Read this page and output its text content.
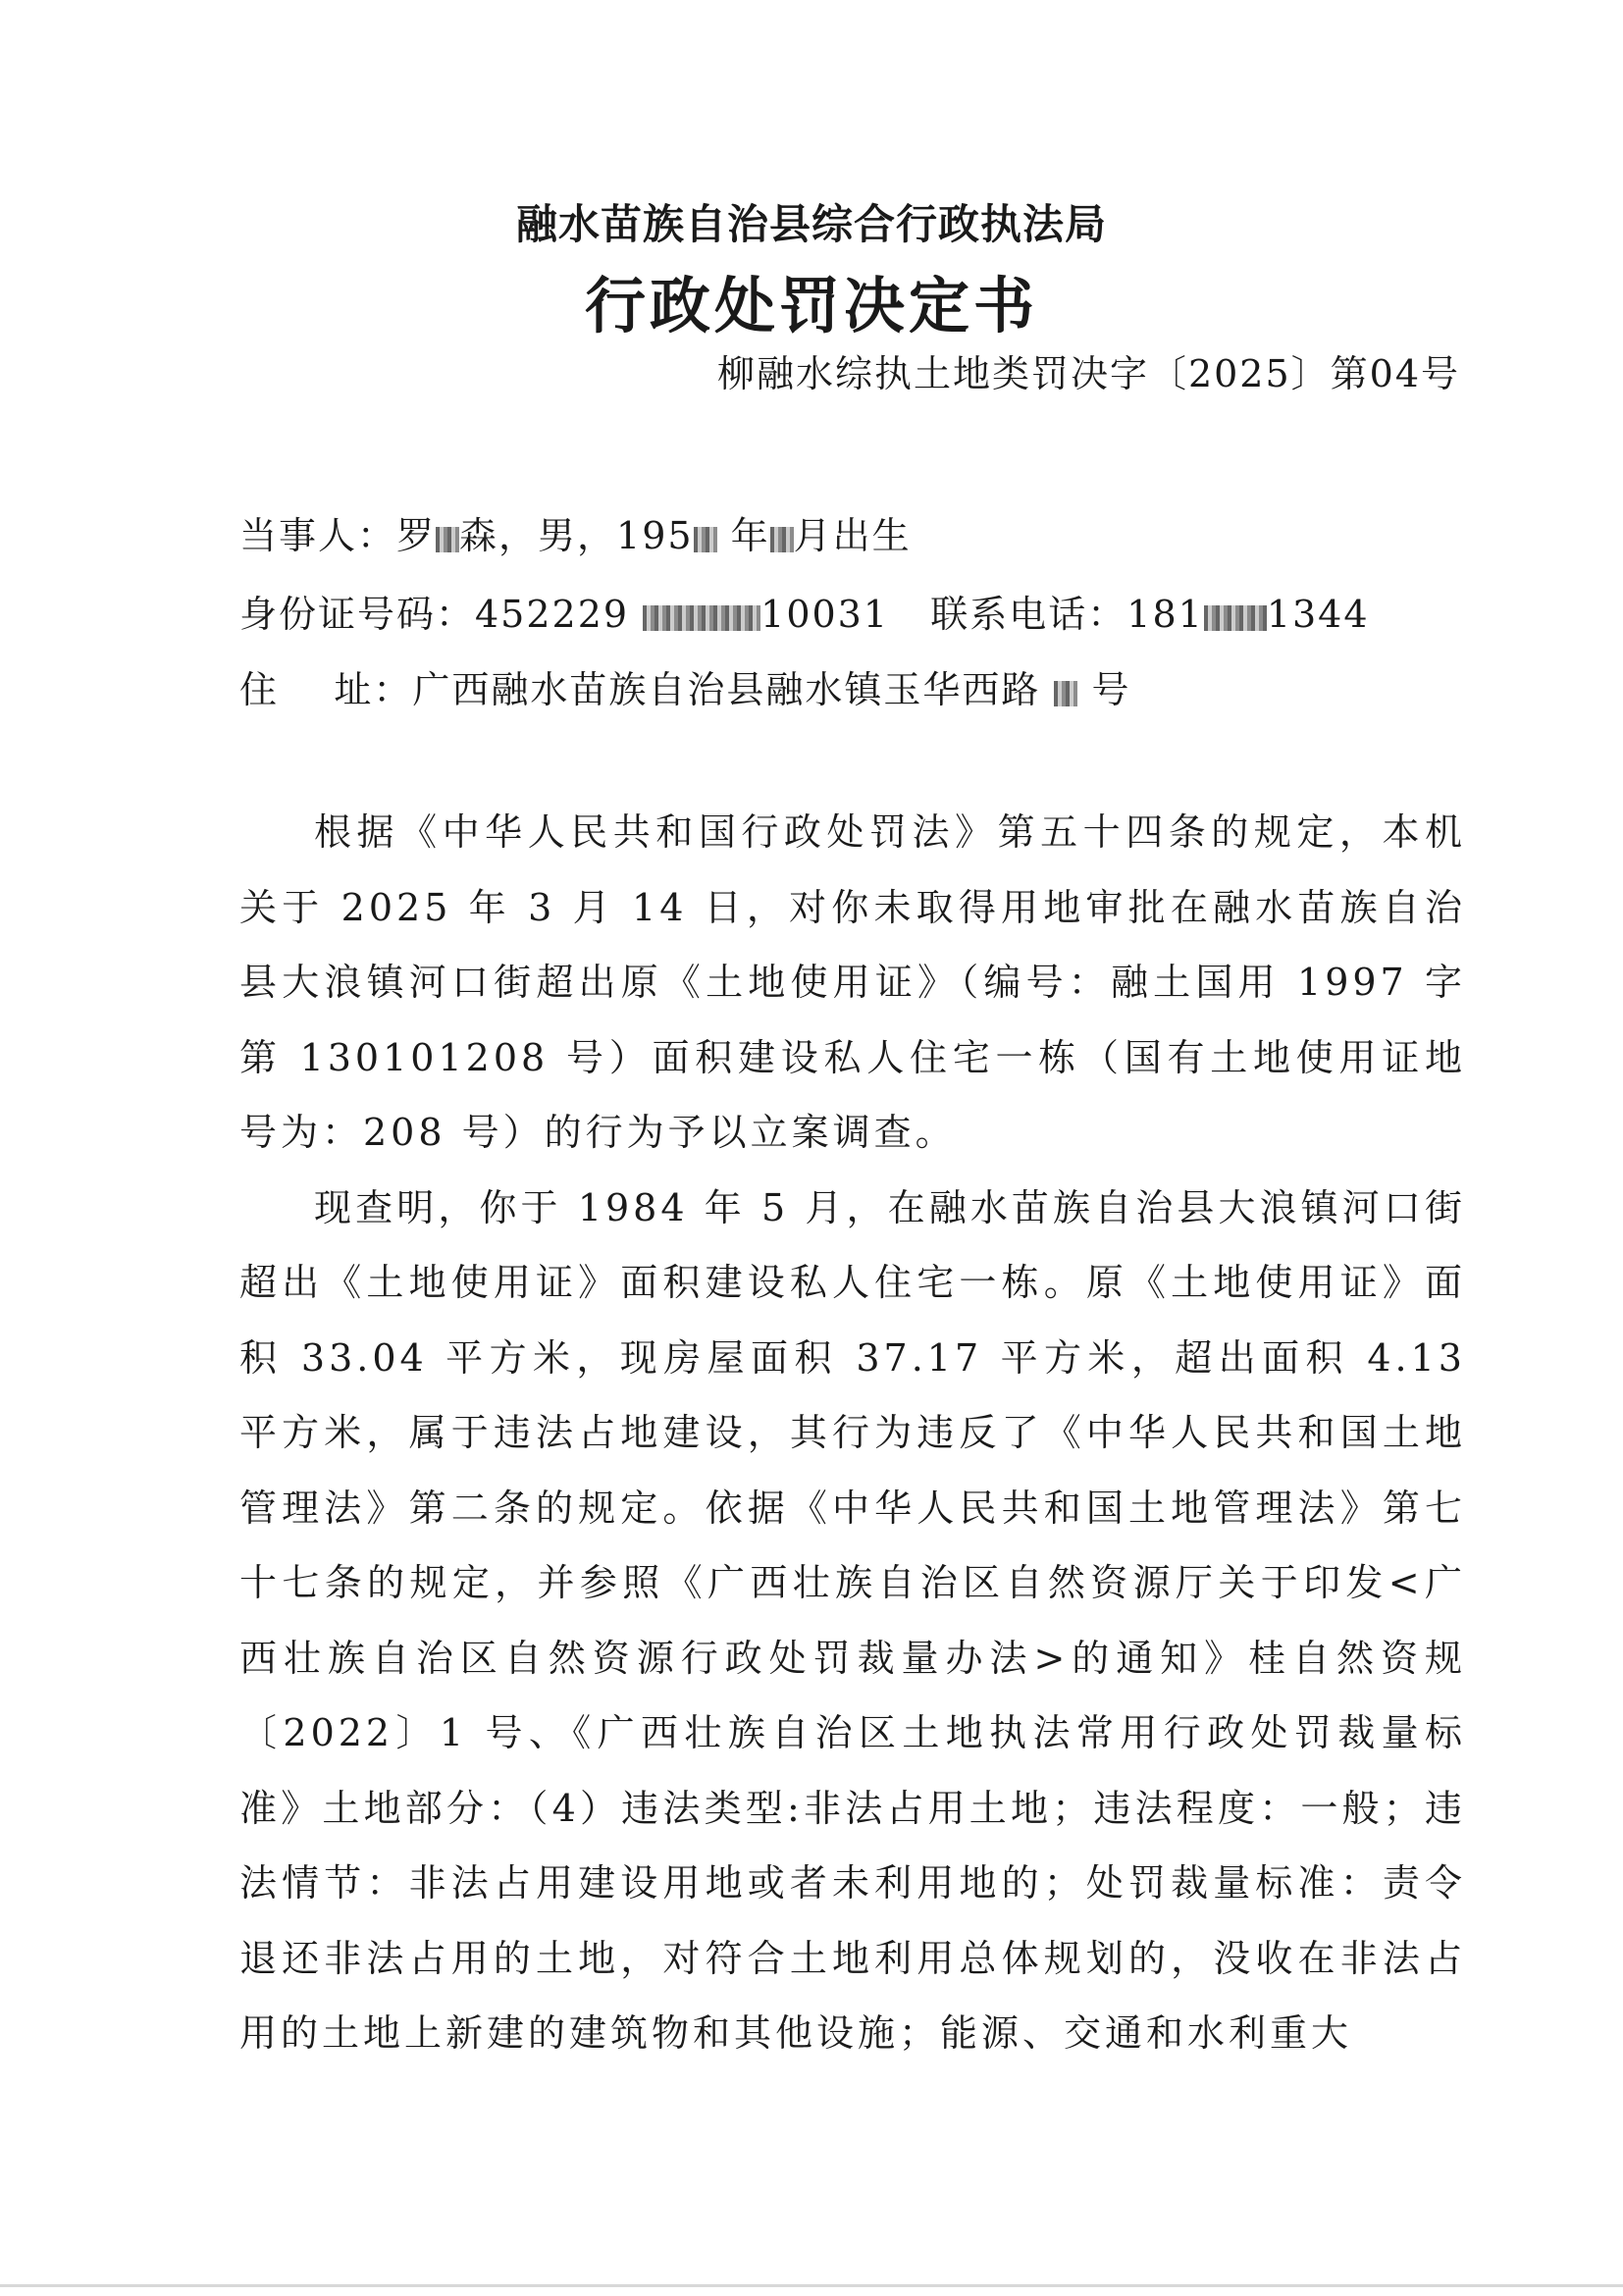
融水苗族自治县综合行政执法局
行政处罚决定书
柳融水综执土地类罚决字〔2025〕第04号
当事人：罗 森，男，195 年 月出生
身份证号码：452229	10031 联系电话：181 1344
住    址：广西融水苗族自治县融水镇玉华西路 号

根据《中华人民共和国行政处罚法》第五十四条的规定，本机关于 2025 年 3 月 14 日，对你未取得用地审批在融水苗族自治县大浪镇河口街超出原《土地使用证》（编号：融土国用 1997 字第 130101208 号）面积建设私人住宅一栋（国有土地使用证地号为：208 号）的行为予以立案调查。

现查明，你于 1984 年 5 月，在融水苗族自治县大浪镇河口街超出《土地使用证》面积建设私人住宅一栋。原《土地使用证》面积 33.04 平方米，现房屋面积 37.17 平方米，超出面积 4.13 平方米，属于违法占地建设，其行为违反了《中华人民共和国土地管理法》第二条的规定。依据《中华人民共和国土地管理法》第七十七条的规定，并参照《广西壮族自治区自然资源厅关于印发<广西壮族自治区自然资源行政处罚裁量办法>的通知》桂自然资规〔2022〕1 号、《广西壮族自治区土地执法常用行政处罚裁量标准》土地部分：（4）违法类型:非法占用土地；违法程度：一般；违法情节：非法占用建设用地或者未利用地的；处罚裁量标准：责令退还非法占用的土地，对符合土地利用总体规划的，没收在非法占用的土地上新建的建筑物和其他设施；能源、交通和水利重大
